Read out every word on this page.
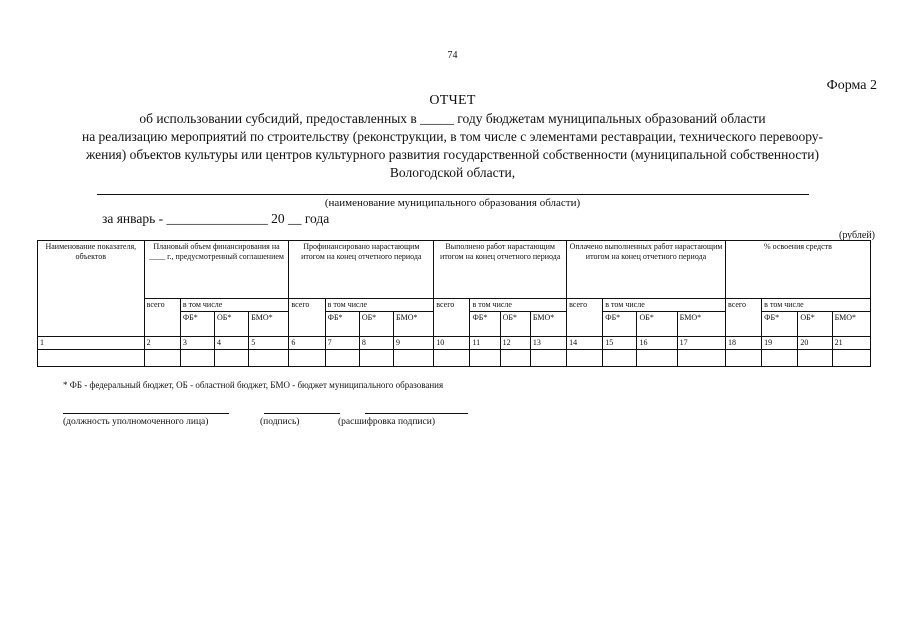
74
Форма 2
ОТЧЕТ
об использовании субсидий, предоставленных в _____ году бюджетам муниципальных образований области
на реализацию мероприятий по строительству (реконструкции, в том числе с элементами реставрации, технического перевоору-
жения) объектов культуры или центров культурного развития государственной собственности (муниципальной собственности)
Вологодской области,
(наименование муниципального образования области)
за январь - _______________ 20 __ года
(рублей)
Наименование показателя, объектов	Плановый объем финансирования на ____ г., предусмотренный соглашением				Профинансировано нарастающим итогом на конец отчетного периода				Выполнено работ нарастающим итогом на конец отчетного периода				Оплачено выполненных работ нарастающим итогом на конец отчетного периода				% освоения средств			
	всего	в том числе			всего	в том числе			всего	в том числе			всего	в том числе			всего	в том числе		
		ФБ*	ОБ*	БМО*		ФБ*	ОБ*	БМО*		ФБ*	ОБ*	БМО*		ФБ*	ОБ*	БМО*		ФБ*	ОБ*	БМО*
1	2	3	4	5	6	7	8	9	10	11	12	13	14	15	16	17	18	19	20	21

* ФБ - федеральный бюджет, ОБ - областной бюджет, БМО - бюджет муниципального образования
(должность уполномоченного лица)	(подпись)	(расшифровка подписи)
